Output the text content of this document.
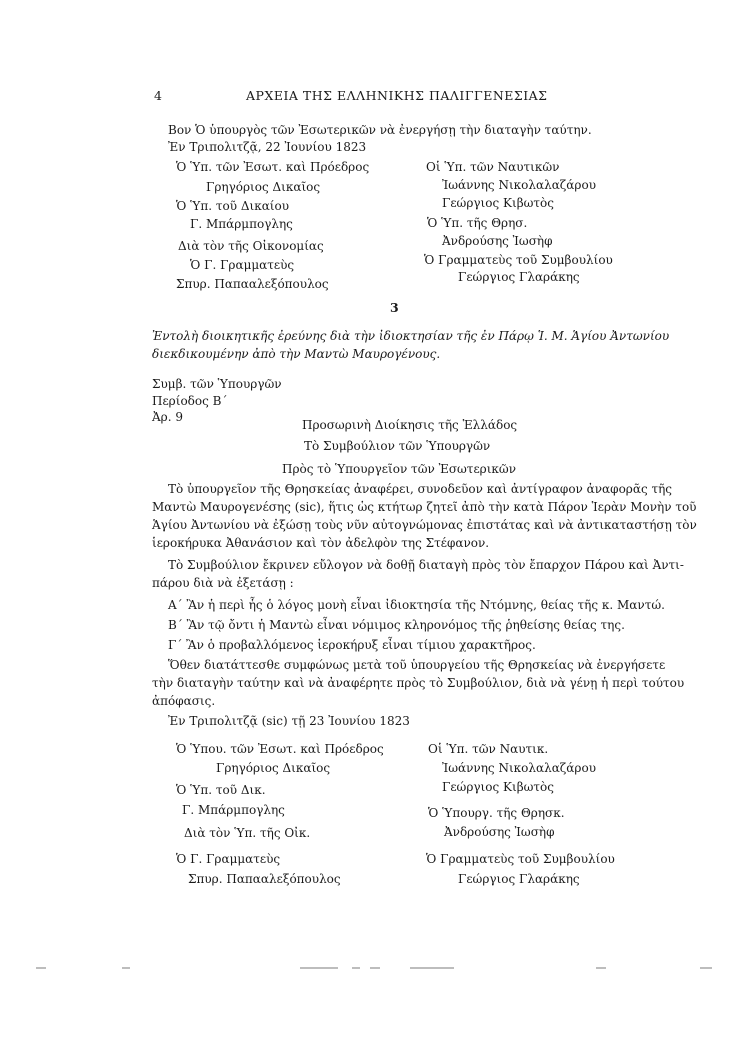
4	ΑΡΧΕΙΑ ΤΗΣ ΕΛΛΗΝΙΚΗΣ ΠΑΛΙΓΓΕΝΕΣΙΑΣ
Βον Ὁ ὑπουργὸς τῶν Ἐσωτερικῶν νὰ ἐνεργήσῃ τὴν διαταγὴν ταύτην.
Ἐν Τριπολιτζᾷ, 22 Ἰουνίου 1823
Ὁ Ὑπ. τῶν Ἐσωτ. καὶ Πρόεδρος
Γρηγόριος Δικαῖος
Ὁ Ὑπ. τοῦ Δικαίου
Γ. Μπάρμπογλης
Διὰ τὸν τῆς Οἰκονομίας
Ὁ Γ. Γραμματεὺς
Σπυρ. Παπααλεξόπουλος
Οἱ Ὑπ. τῶν Ναυτικῶν
Ἰωάννης Νικολαλαζάρου
Γεώργιος Κιβωτὸς
Ὁ Ὑπ. τῆς Θρησ.
Ἀνδρούσης Ἰωσὴφ
Ὁ Γραμματεὺς τοῦ Συμβουλίου
Γεώργιος Γλαράκης
3
Ἐντολὴ διοικητικῆς ἐρεύνης διὰ τὴν ἰδιοκτησίαν τῆς ἐν Πάρῳ Ἱ. Μ. Ἁγίου Ἀντωνίου
διεκδικουμένην ἀπὸ τὴν Μαντὼ Μαυρογένους.
Συμβ. τῶν Ὑπουργῶν
Περίοδος Β΄
Ἀρ. 9
Προσωρινὴ Διοίκησις τῆς Ἑλλάδος
Τὸ Συμβούλιον τῶν Ὑπουργῶν
Πρὸς τὸ Ὑπουργεῖον τῶν Ἐσωτερικῶν
Τὸ ὑπουργεῖον τῆς Θρησκείας ἀναφέρει, συνοδεῦον καὶ ἀντίγραφον ἀναφορᾶς τῆς
Μαντὼ Μαυρογενέσης (sic), ἥτις ὡς κτήτωρ ζητεῖ ἀπὸ τὴν κατὰ Πάρον Ἱερὰν Μονὴν τοῦ
Ἁγίου Ἀντωνίου νὰ ἐξώσῃ τοὺς νῦν αὐτογνώμονας ἐπιστάτας καὶ νὰ ἀντικαταστήσῃ τὸν
ἱεροκήρυκα Ἀθανάσιον καὶ τὸν ἀδελφὸν της Στέφανον.
Τὸ Συμβούλιον ἔκρινεν εὔλογον νὰ δοθῇ διαταγὴ πρὸς τὸν ἔπαρχον Πάρου καὶ Ἀντι-
πάρου διὰ νὰ ἐξετάσῃ :
Α΄ Ἂν ἡ περὶ ἧς ὁ λόγος μονὴ εἶναι ἰδιοκτησία τῆς Ντόμνης, θείας τῆς κ. Μαντώ.
Β΄ Ἂν τῷ ὄντι ἡ Μαντὼ εἶναι νόμιμος κληρονόμος τῆς ῥηθείσης θείας της.
Γ΄ Ἂν ὁ προβαλλόμενος ἱεροκήρυξ εἶναι τίμιου χαρακτῆρος.
Ὅθεν διατάττεσθε συμφώνως μετὰ τοῦ ὑπουργείου τῆς Θρησκείας νὰ ἐνεργήσετε
τὴν διαταγὴν ταύτην καὶ νὰ ἀναφέρητε πρὸς τὸ Συμβούλιον, διὰ νὰ γένῃ ἡ περὶ τούτου
ἀπόφασις.
Ἐν Τριπολιτζᾷ (sic) τῇ 23 Ἰουνίου 1823
Ὁ Ὑπου. τῶν Ἐσωτ. καὶ Πρόεδρος
Γρηγόριος Δικαῖος
Ὁ Ὑπ. τοῦ Δικ.
Γ. Μπάρμπογλης
Διὰ τὸν Ὑπ. τῆς Οἰκ.
Ὁ Γ. Γραμματεὺς
Σπυρ. Παπααλεξόπουλος
Οἱ Ὑπ. τῶν Ναυτικ.
Ἰωάννης Νικολαλαζάρου
Γεώργιος Κιβωτὸς
Ὁ Ὑπουργ. τῆς Θρησκ.
Ἀνδρούσης Ἰωσὴφ
Ὁ Γραμματεὺς τοῦ Συμβουλίου
Γεώργιος Γλαράκης
